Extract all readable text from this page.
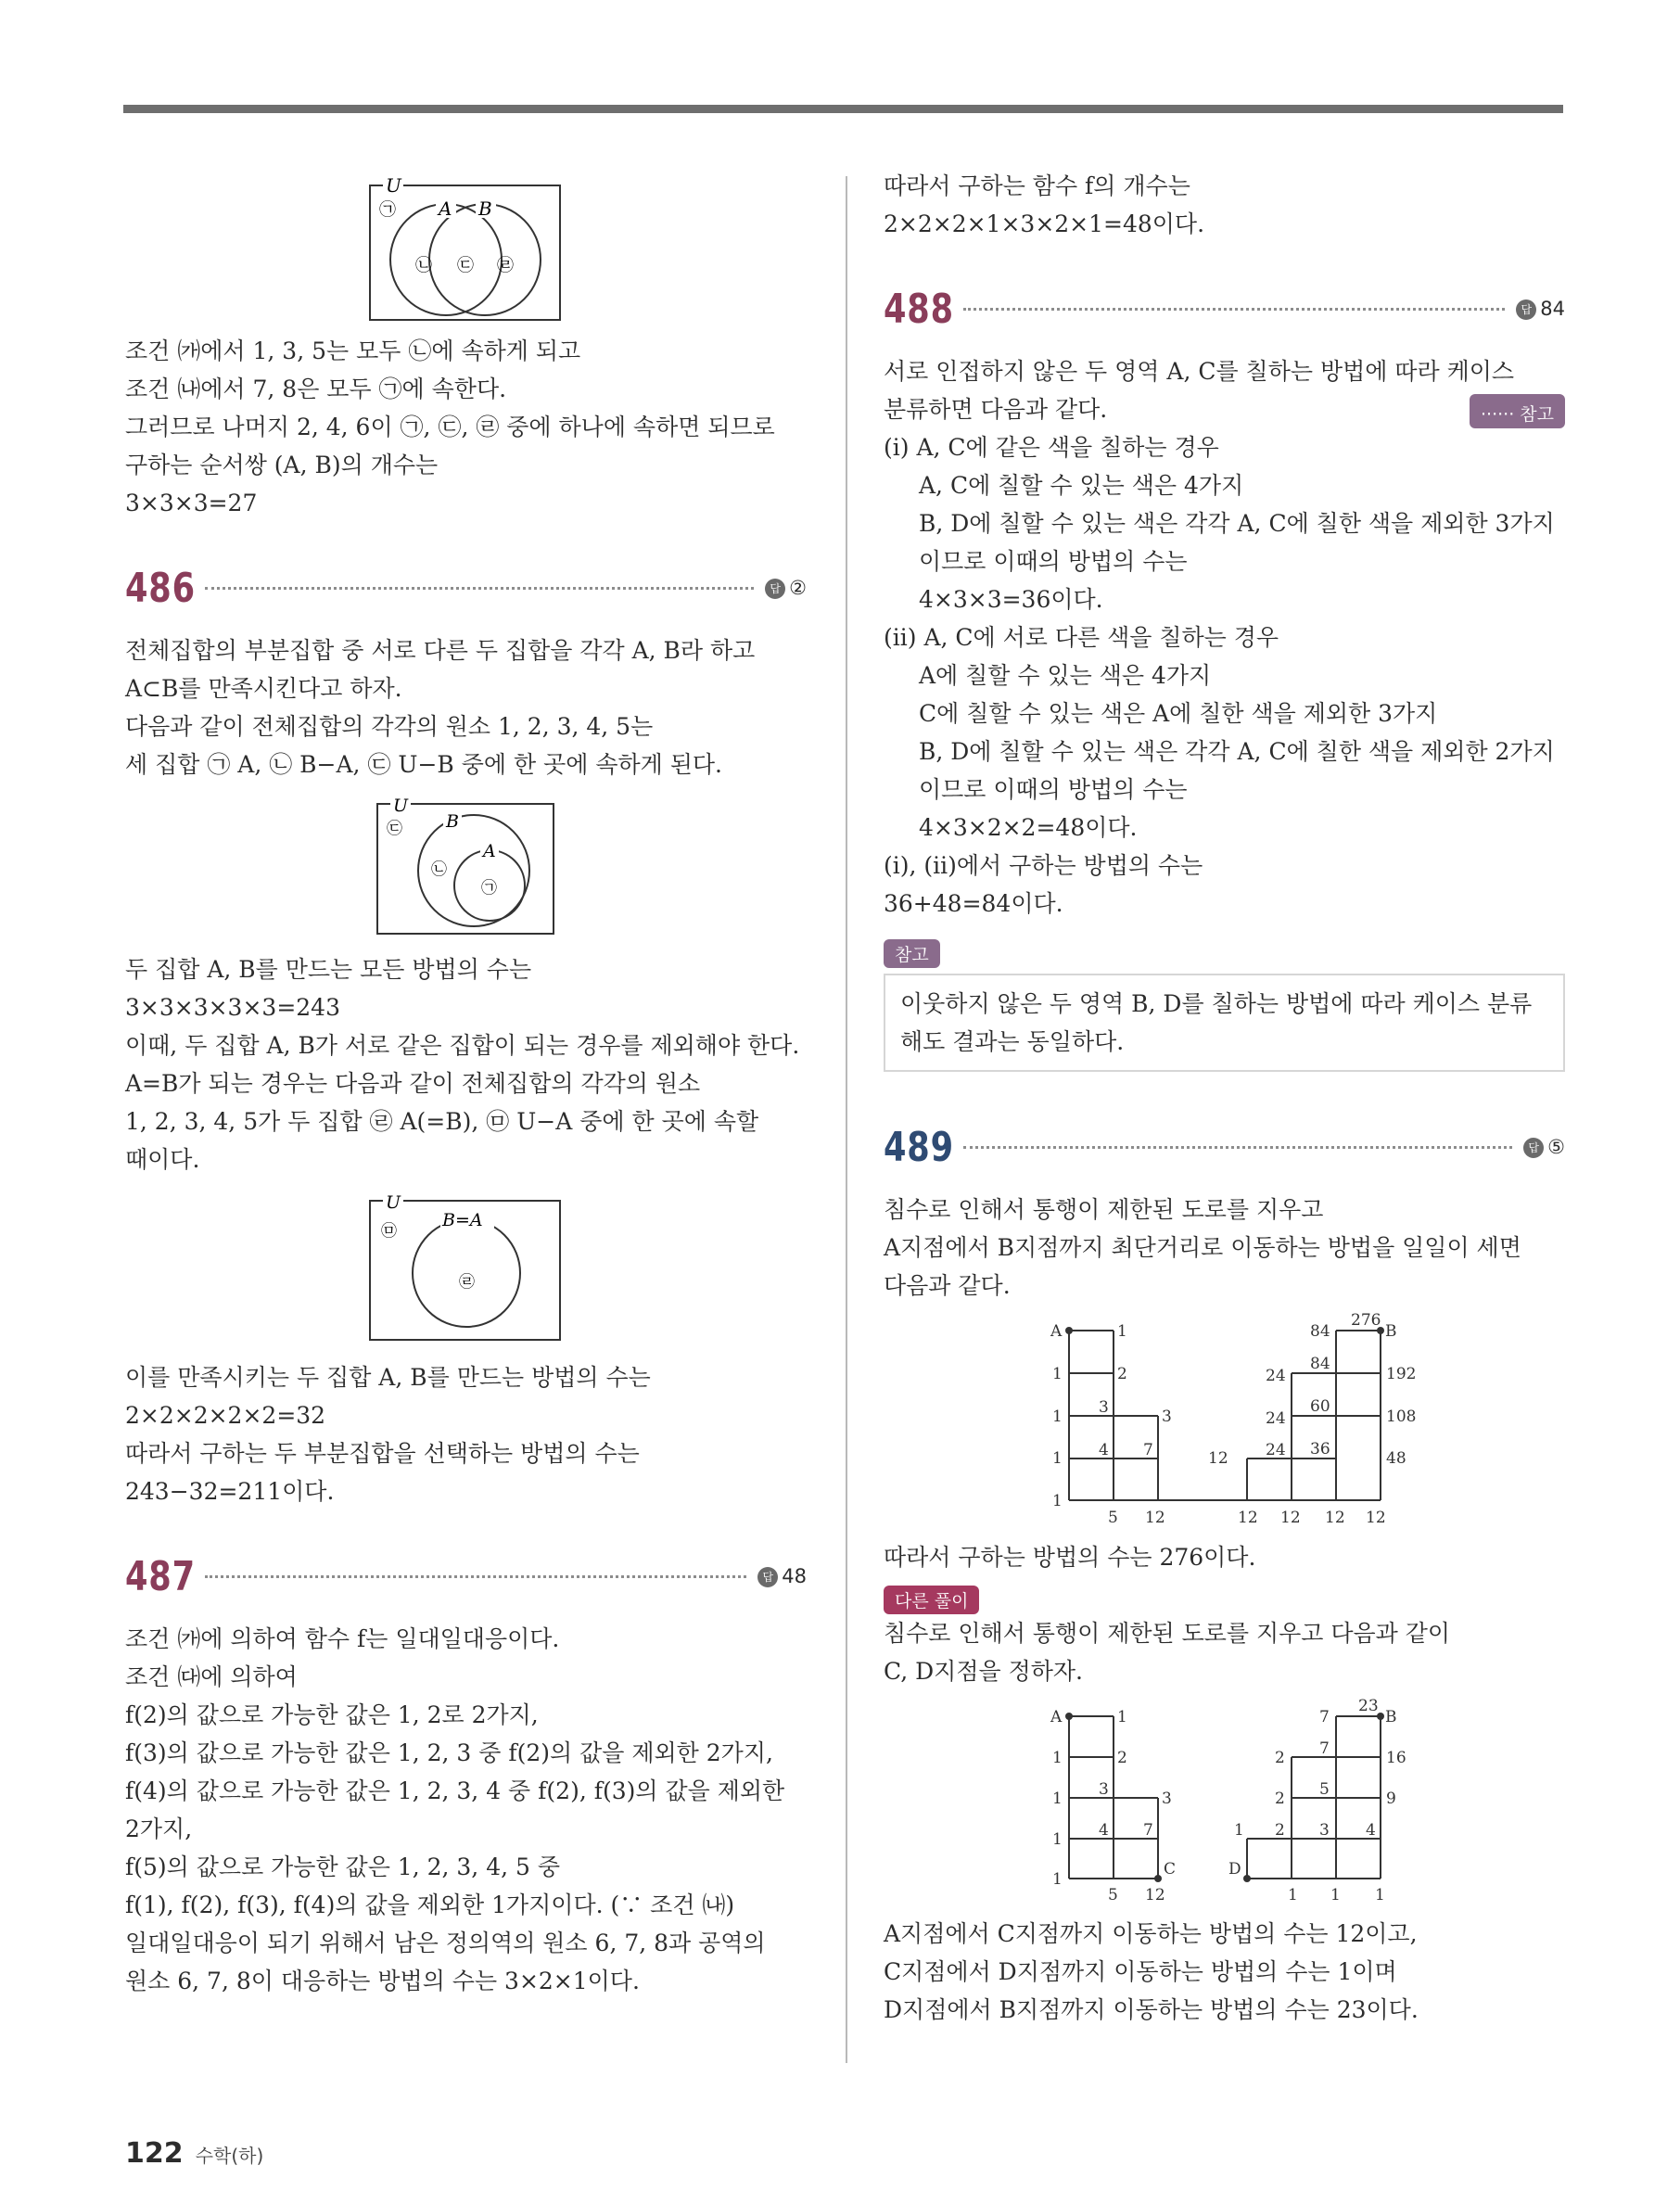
U
A B
㉠
㉡ ㉢ ㉣
조건 ㈎에서 1, 3, 5는 모두 ㉡에 속하게 되고
조건 ㈏에서 7, 8은 모두 ㉠에 속한다.
그러므로 나머지 2, 4, 6이 ㉠, ㉢, ㉣ 중에 하나에 속하면 되므로
구하는 순서쌍 (A, B)의 개수는
3×3×3=27
486	답 ②
전체집합의 부분집합 중 서로 다른 두 집합을 각각 A, B라 하고
A⊂B를 만족시킨다고 하자.
다음과 같이 전체집합의 각각의 원소 1, 2, 3, 4, 5는
세 집합 ㉠ A, ㉡ B−A, ㉢ U−B 중에 한 곳에 속하게 된다.
U
B
A
㉠
㉡
㉢
두 집합 A, B를 만드는 모든 방법의 수는
3×3×3×3×3=243
이때, 두 집합 A, B가 서로 같은 집합이 되는 경우를 제외해야 한다.
A=B가 되는 경우는 다음과 같이 전체집합의 각각의 원소
1, 2, 3, 4, 5가 두 집합 ㉣ A(=B), ㉤ U−A 중에 한 곳에 속할
때이다.
U
B=A
㉤
㉣
이를 만족시키는 두 집합 A, B를 만드는 방법의 수는
2×2×2×2×2=32
따라서 구하는 두 부분집합을 선택하는 방법의 수는
243−32=211이다.
487	답 48
조건 ㈎에 의하여 함수 f는 일대일대응이다.
조건 ㈐에 의하여
f(2)의 값으로 가능한 값은 1, 2로 2가지,
f(3)의 값으로 가능한 값은 1, 2, 3 중 f(2)의 값을 제외한 2가지,
f(4)의 값으로 가능한 값은 1, 2, 3, 4 중 f(2), f(3)의 값을 제외한
2가지,
f(5)의 값으로 가능한 값은 1, 2, 3, 4, 5 중
f(1), f(2), f(3), f(4)의 값을 제외한 1가지이다. (∵ 조건 ㈏)
일대일대응이 되기 위해서 남은 정의역의 원소 6, 7, 8과 공역의
원소 6, 7, 8이 대응하는 방법의 수는 3×2×1이다.
따라서 구하는 함수 f의 개수는
2×2×2×1×3×2×1=48이다.
488	답 84
서로 인접하지 않은 두 영역 A, C를 칠하는 방법에 따라 케이스
분류하면 다음과 같다.	······ 참고
(ⅰ) A, C에 같은 색을 칠하는 경우
A, C에 칠할 수 있는 색은 4가지
B, D에 칠할 수 있는 색은 각각 A, C에 칠한 색을 제외한 3가지
이므로 이때의 방법의 수는
4×3×3=36이다.
(ⅱ) A, C에 서로 다른 색을 칠하는 경우
A에 칠할 수 있는 색은 4가지
C에 칠할 수 있는 색은 A에 칠한 색을 제외한 3가지
B, D에 칠할 수 있는 색은 각각 A, C에 칠한 색을 제외한 2가지
이므로 이때의 방법의 수는
4×3×2×2=48이다.
(ⅰ), (ⅱ)에서 구하는 방법의 수는
36+48=84이다.
참고
이웃하지 않은 두 영역 B, D를 칠하는 방법에 따라 케이스 분류
해도 결과는 동일하다.
489	답 ⑤
침수로 인해서 통행이 제한된 도로를 지우고
A지점에서 B지점까지 최단거리로 이동하는 방법을 일일이 세면
다음과 같다.
A	B
1
1
1
1
1
2
3	3
4 7
5 12
12
12 12 12 12
24
24
24
84
84
60
36
276
192
108
48
따라서 구하는 방법의 수는 276이다.
다른 풀이
침수로 인해서 통행이 제한된 도로를 지우고 다음과 같이
C, D지점을 정하자.
A	B
C	D
1
1
1
1
1
2
3	3
4 7
5 12
1
1 1 1
2
2
2
7
7
5
3 4
23
16
9
A지점에서 C지점까지 이동하는 방법의 수는 12이고,
C지점에서 D지점까지 이동하는 방법의 수는 1이며
D지점에서 B지점까지 이동하는 방법의 수는 23이다.
122 수학(하)
